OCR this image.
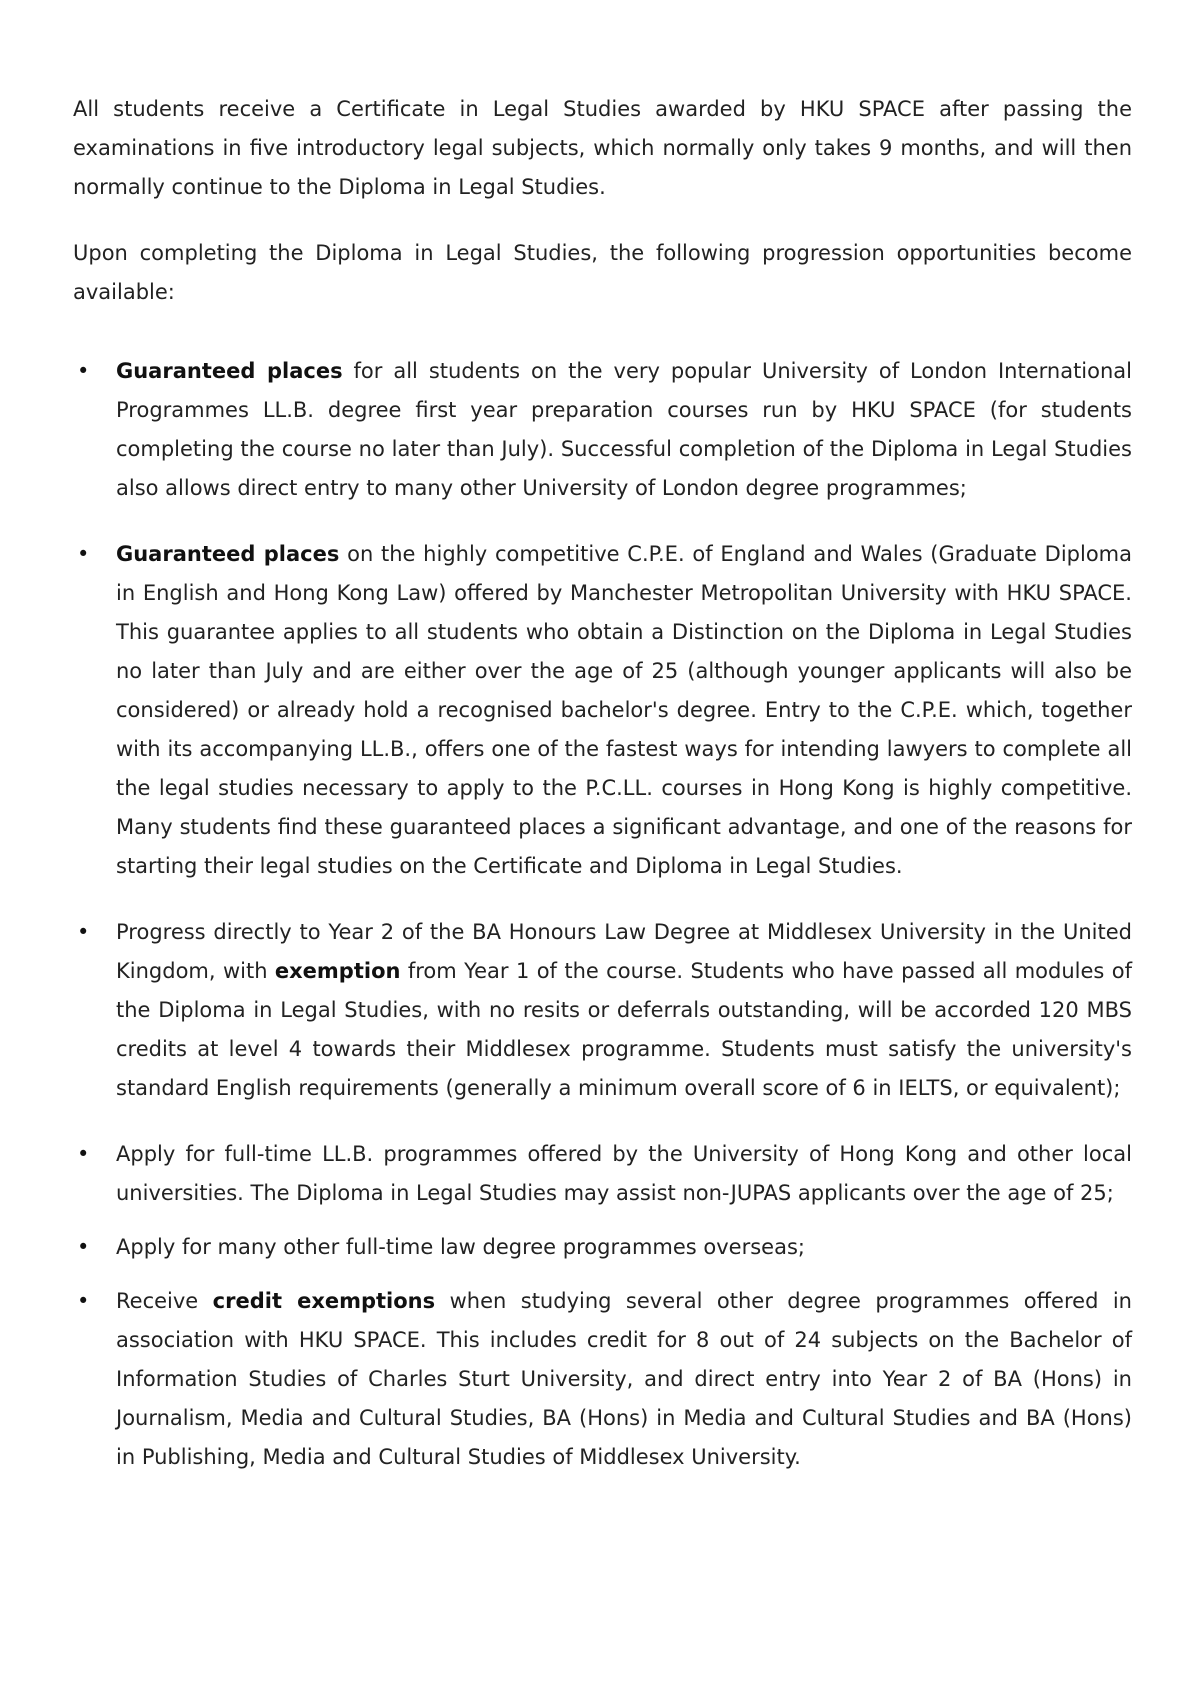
All students receive a Certificate in Legal Studies awarded by HKU SPACE after passing the examinations in five introductory legal subjects, which normally only takes 9 months, and will then normally continue to the Diploma in Legal Studies.

Upon completing the Diploma in Legal Studies, the following progression opportunities become available:

• Guaranteed places for all students on the very popular University of London International Programmes LL.B. degree first year preparation courses run by HKU SPACE (for students completing the course no later than July). Successful completion of the Diploma in Legal Studies also allows direct entry to many other University of London degree programmes;
• Guaranteed places on the highly competitive C.P.E. of England and Wales (Graduate Diploma in English and Hong Kong Law) offered by Manchester Metropolitan University with HKU SPACE. This guarantee applies to all students who obtain a Distinction on the Diploma in Legal Studies no later than July and are either over the age of 25 (although younger applicants will also be considered) or already hold a recognised bachelor's degree. Entry to the C.P.E. which, together with its accompanying LL.B., offers one of the fastest ways for intending lawyers to complete all the legal studies necessary to apply to the P.C.LL. courses in Hong Kong is highly competitive. Many students find these guaranteed places a significant advantage, and one of the reasons for starting their legal studies on the Certificate and Diploma in Legal Studies.
• Progress directly to Year 2 of the BA Honours Law Degree at Middlesex University in the United Kingdom, with exemption from Year 1 of the course. Students who have passed all modules of the Diploma in Legal Studies, with no resits or deferrals outstanding, will be accorded 120 MBS credits at level 4 towards their Middlesex programme. Students must satisfy the university's standard English requirements (generally a minimum overall score of 6 in IELTS, or equivalent);
• Apply for full-time LL.B. programmes offered by the University of Hong Kong and other local universities. The Diploma in Legal Studies may assist non-JUPAS applicants over the age of 25;
• Apply for many other full-time law degree programmes overseas;
• Receive credit exemptions when studying several other degree programmes offered in association with HKU SPACE. This includes credit for 8 out of 24 subjects on the Bachelor of Information Studies of Charles Sturt University, and direct entry into Year 2 of BA (Hons) in Journalism, Media and Cultural Studies, BA (Hons) in Media and Cultural Studies and BA (Hons) in Publishing, Media and Cultural Studies of Middlesex University.
